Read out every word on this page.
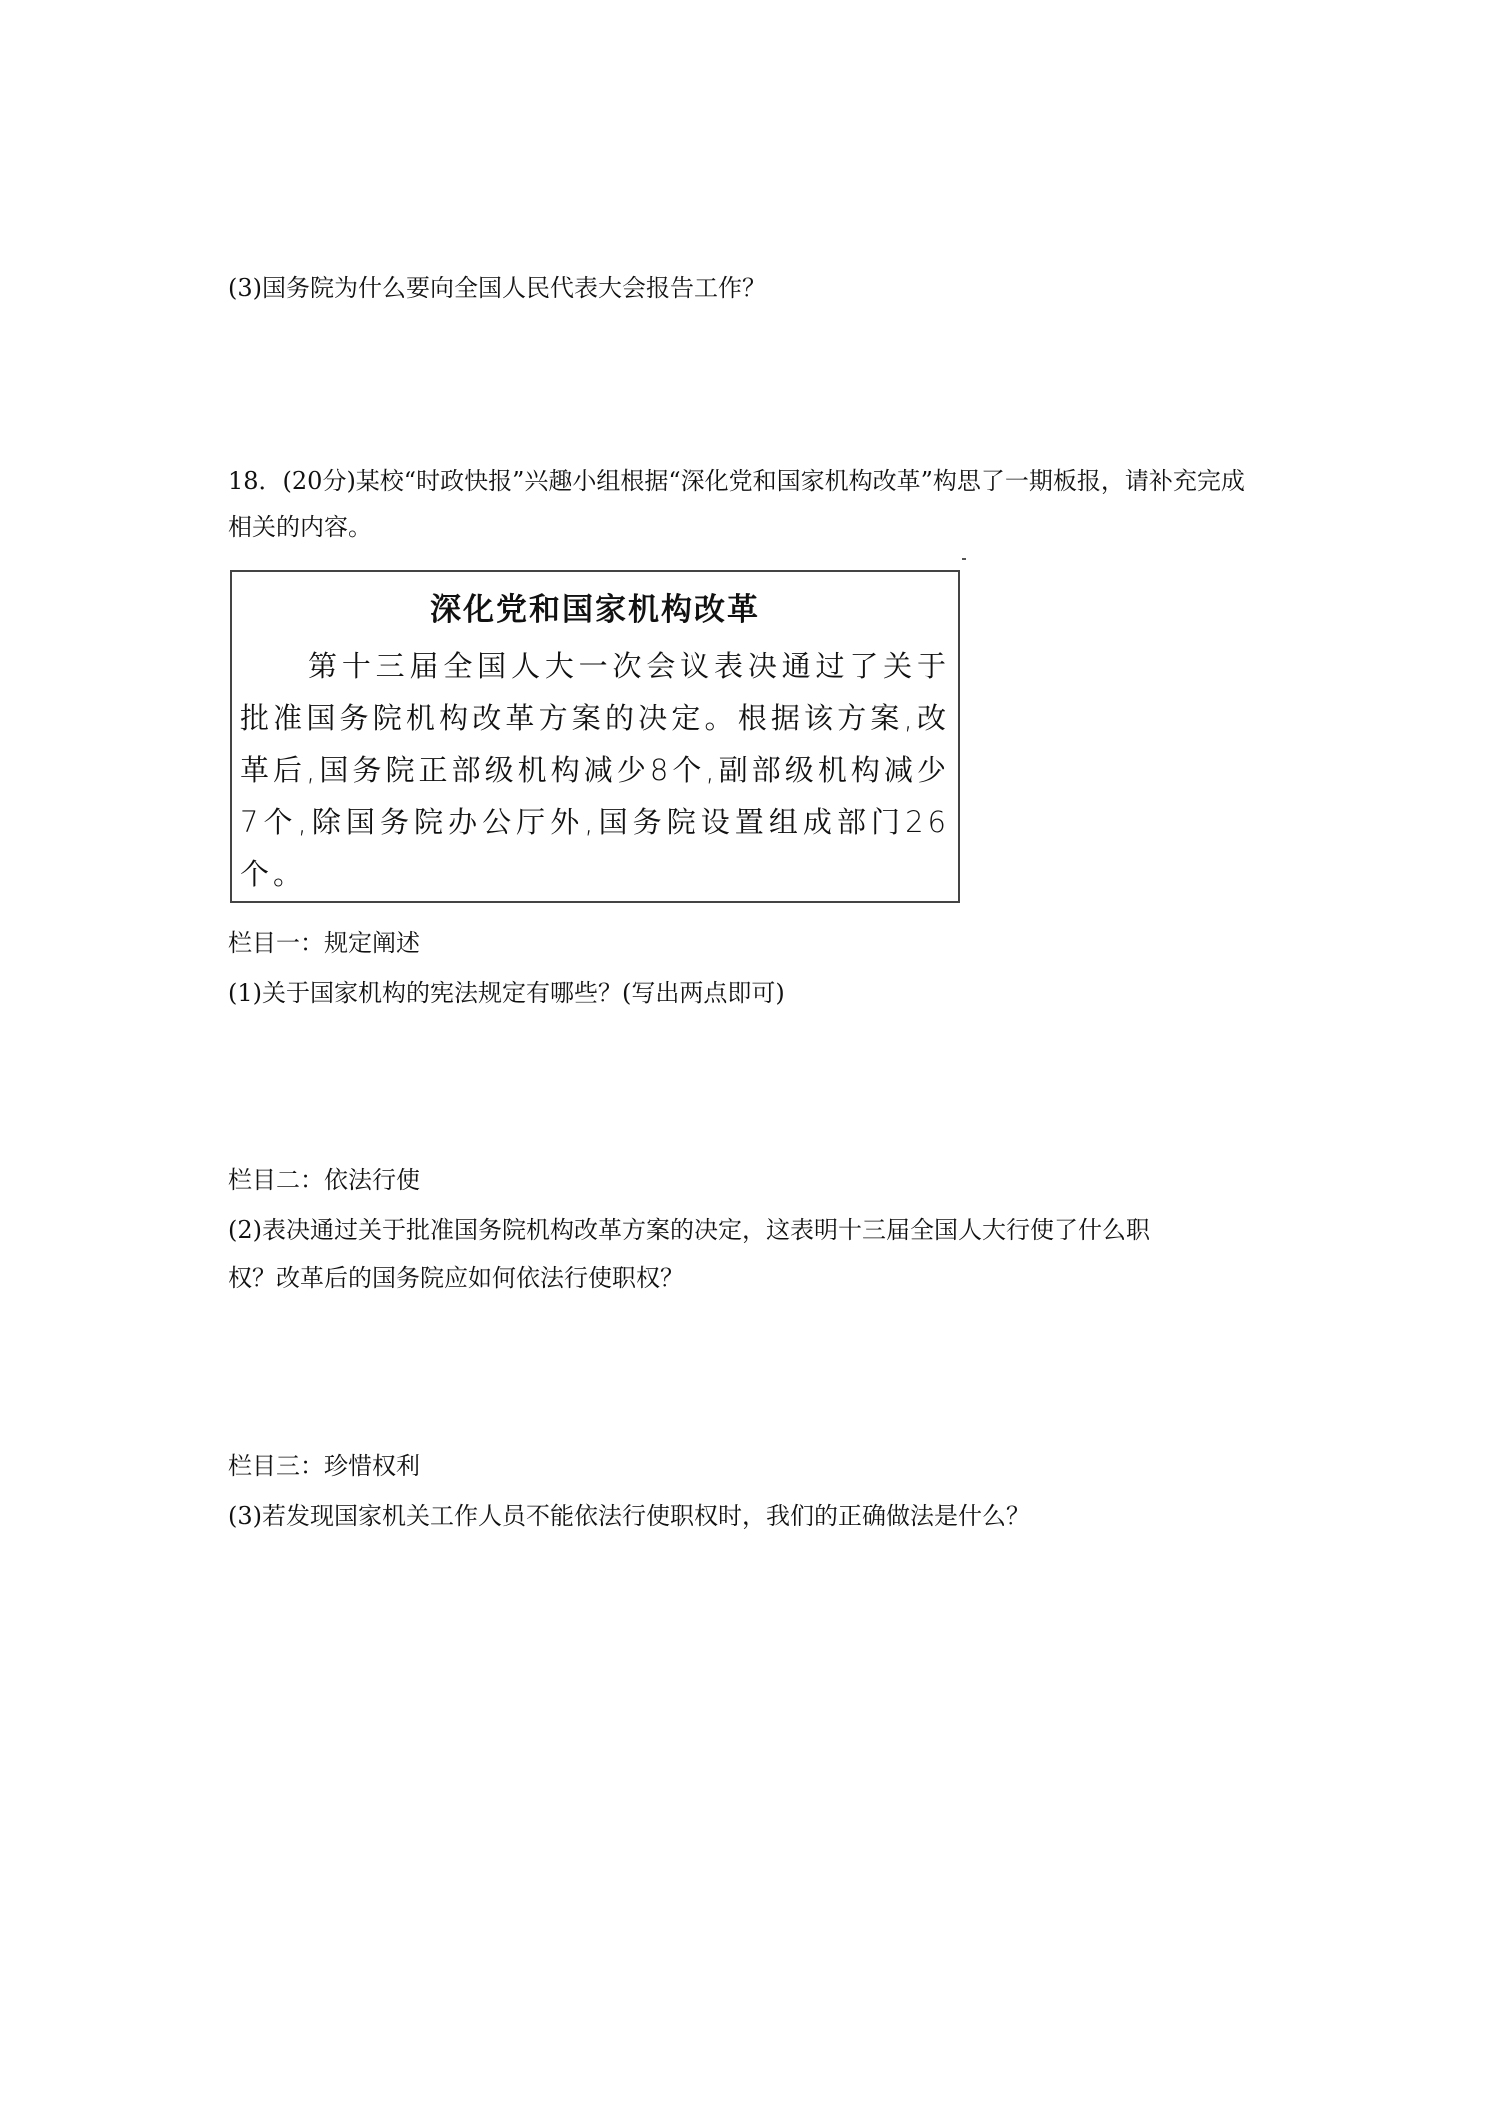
(3)国务院为什么要向全国人民代表大会报告工作？
18．(20分)某校“时政快报”兴趣小组根据“深化党和国家机构改革”构思了一期板报，请补充完成相关的内容。
深化党和国家机构改革
第十三届全国人大一次会议表决通过了关于批准国务院机构改革方案的决定。根据该方案,改革后,国务院正部级机构减少8个,副部级机构减少7个,除国务院办公厅外,国务院设置组成部门26个。
栏目一：规定阐述
(1)关于国家机构的宪法规定有哪些？(写出两点即可)
栏目二：依法行使
(2)表决通过关于批准国务院机构改革方案的决定，这表明十三届全国人大行使了什么职
权？改革后的国务院应如何依法行使职权？
栏目三：珍惜权利
(3)若发现国家机关工作人员不能依法行使职权时，我们的正确做法是什么？
